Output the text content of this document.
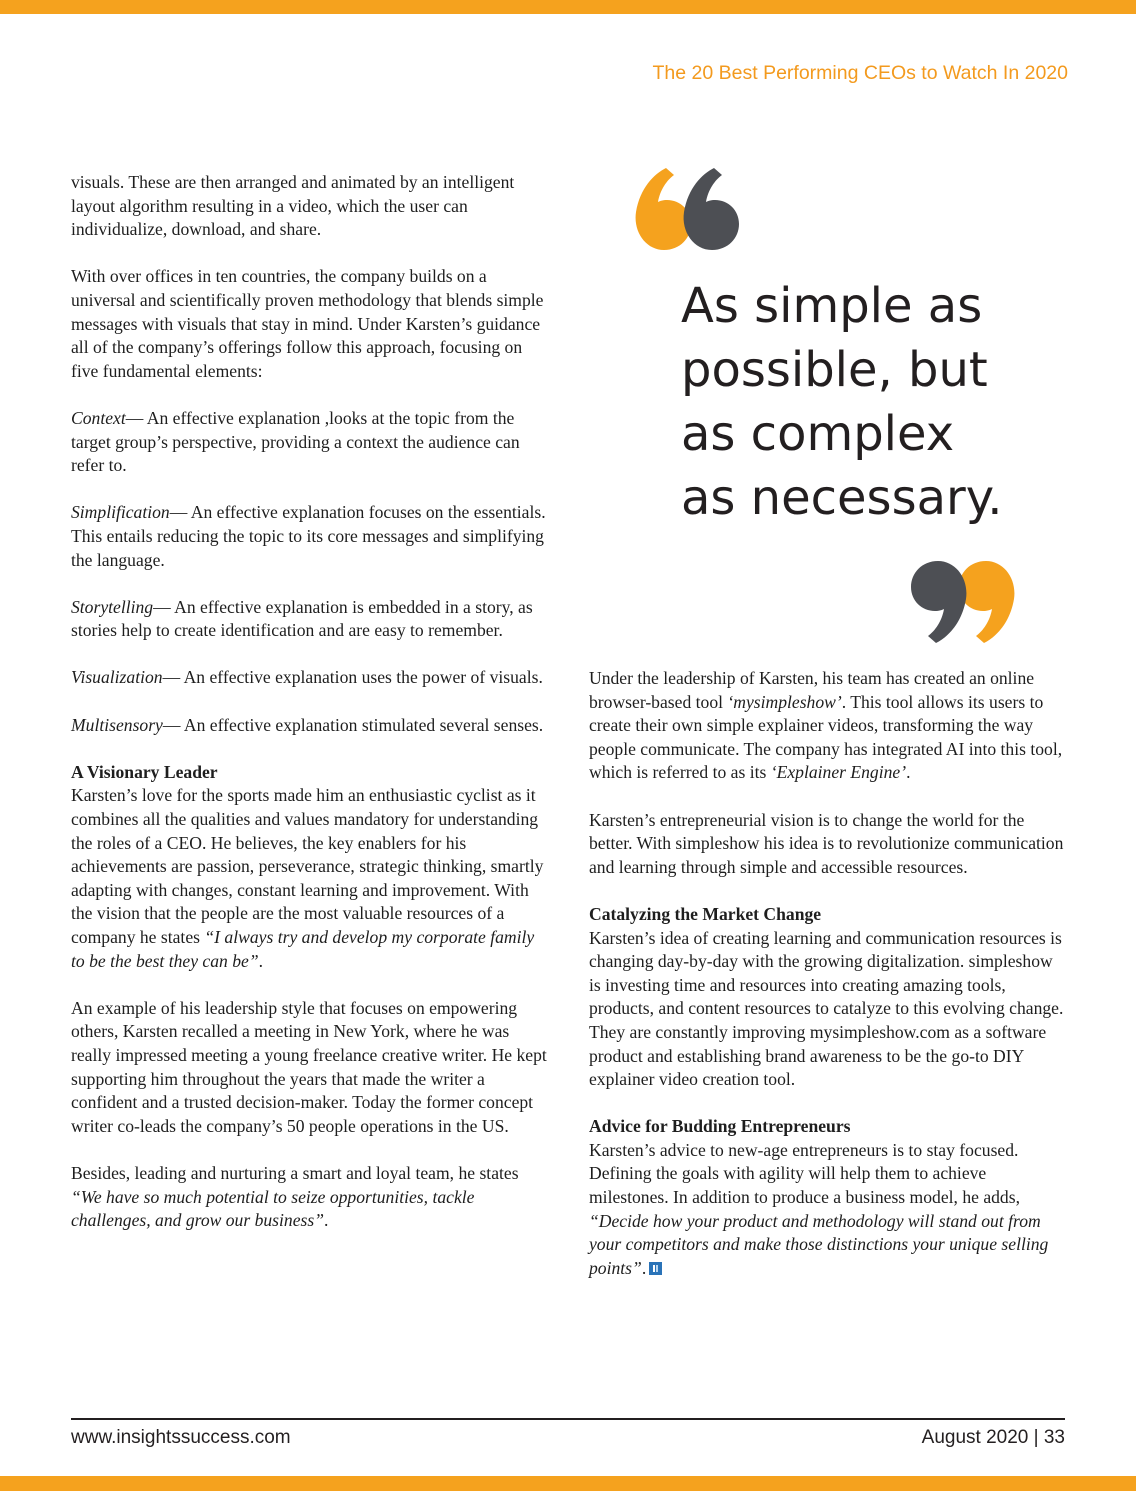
The 20 Best Performing CEOs to Watch In 2020

visuals. These are then arranged and animated by an intelligent layout algorithm resulting in a video, which the user can individualize, download, and share.

With over offices in ten countries, the company builds on a universal and scientifically proven methodology that blends simple messages with visuals that stay in mind. Under Karsten’s guidance all of the company’s offerings follow this approach, focusing on five fundamental elements:

Context— An effective explanation ,looks at the topic from the target group’s perspective, providing a context the audience can refer to.

Simplification— An effective explanation focuses on the essentials. This entails reducing the topic to its core messages and simplifying the language.

Storytelling— An effective explanation is embedded in a story, as stories help to create identification and are easy to remember.

Visualization— An effective explanation uses the power of visuals.

Multisensory— An effective explanation stimulated several senses.

A Visionary Leader

Karsten’s love for the sports made him an enthusiastic cyclist as it combines all the qualities and values mandatory for understanding the roles of a CEO. He believes, the key enablers for his achievements are passion, perseverance, strategic thinking, smartly adapting with changes, constant learning and improvement. With the vision that the people are the most valuable resources of a company he states “I always try and develop my corporate family to be the best they can be”.

An example of his leadership style that focuses on empowering others, Karsten recalled a meeting in New York, where he was really impressed meeting a young freelance creative writer. He kept supporting him throughout the years that made the writer a confident and a trusted decision-maker. Today the former concept writer co-leads the company’s 50 people operations in the US.

Besides, leading and nurturing a smart and loyal team, he states “We have so much potential to seize opportunities, tackle challenges, and grow our business”.

As simple as
possible, but
as complex
as necessary.

Under the leadership of Karsten, his team has created an online browser-based tool ‘mysimpleshow’. This tool allows its users to create their own simple explainer videos, transforming the way people communicate. The company has integrated AI into this tool, which is referred to as its ‘Explainer Engine’.

Karsten’s entrepreneurial vision is to change the world for the better. With simpleshow his idea is to revolutionize communication and learning through simple and accessible resources.

Catalyzing the Market Change

Karsten’s idea of creating learning and communication resources is changing day-by-day with the growing digitalization. simpleshow is investing time and resources into creating amazing tools, products, and content resources to catalyze to this evolving change. They are constantly improving mysimpleshow.com as a software product and establishing brand awareness to be the go-to DIY explainer video creation tool.

Advice for Budding Entrepreneurs

Karsten’s advice to new-age entrepreneurs is to stay focused. Defining the goals with agility will help them to achieve milestones. In addition to produce a business model, he adds, “Decide how your product and methodology will stand out from your competitors and make those distinctions your unique selling points”.

www.insightssuccess.com	August 2020 | 33
